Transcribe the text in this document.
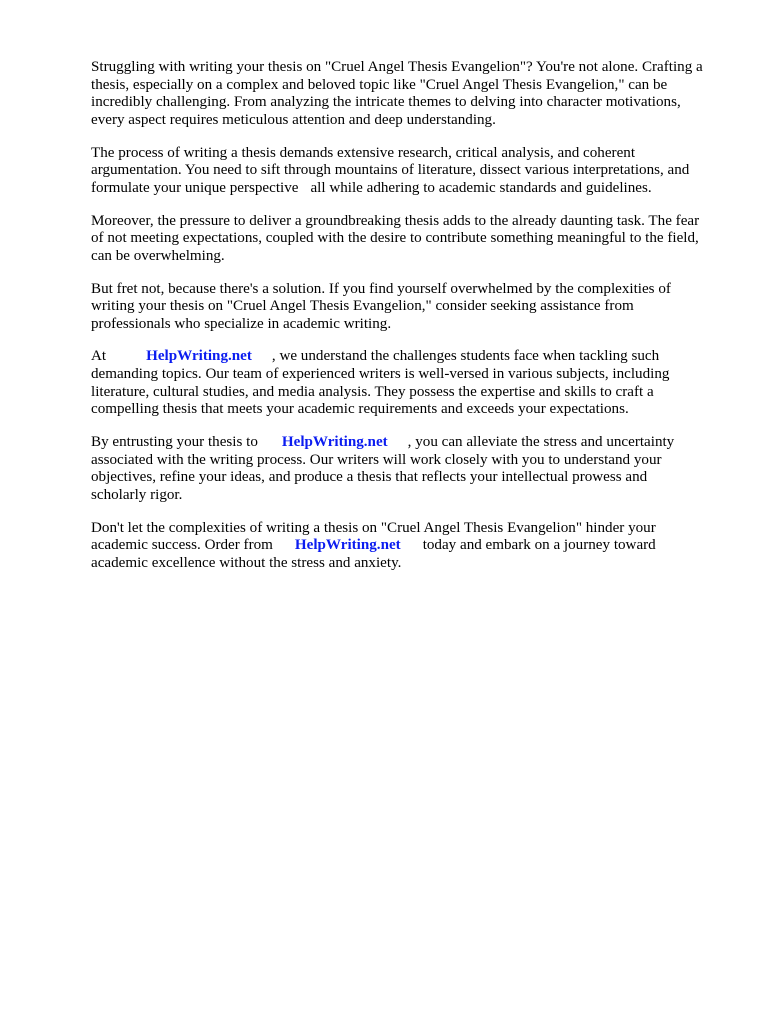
Struggling with writing your thesis on "Cruel Angel Thesis Evangelion"? You're not alone. Crafting a
thesis, especially on a complex and beloved topic like "Cruel Angel Thesis Evangelion," can be
incredibly challenging. From analyzing the intricate themes to delving into character motivations,
every aspect requires meticulous attention and deep understanding.
The process of writing a thesis demands extensive research, critical analysis, and coherent
argumentation. You need to sift through mountains of literature, dissect various interpretations, and
formulate your unique perspective all while adhering to academic standards and guidelines.
Moreover, the pressure to deliver a groundbreaking thesis adds to the already daunting task. The fear
of not meeting expectations, coupled with the desire to contribute something meaningful to the field,
can be overwhelming.
But fret not, because there's a solution. If you find yourself overwhelmed by the complexities of
writing your thesis on "Cruel Angel Thesis Evangelion," consider seeking assistance from
professionals who specialize in academic writing.
At	HelpWriting.net , we understand the challenges students face when tackling such
demanding topics. Our team of experienced writers is well-versed in various subjects, including
literature, cultural studies, and media analysis. They possess the expertise and skills to craft a
compelling thesis that meets your academic requirements and exceeds your expectations.
By entrusting your thesis to HelpWriting.net , you can alleviate the stress and uncertainty
associated with the writing process. Our writers will work closely with you to understand your
objectives, refine your ideas, and produce a thesis that reflects your intellectual prowess and
scholarly rigor.
Don't let the complexities of writing a thesis on "Cruel Angel Thesis Evangelion" hinder your
academic success. Order from HelpWriting.net today and embark on a journey toward
academic excellence without the stress and anxiety.
